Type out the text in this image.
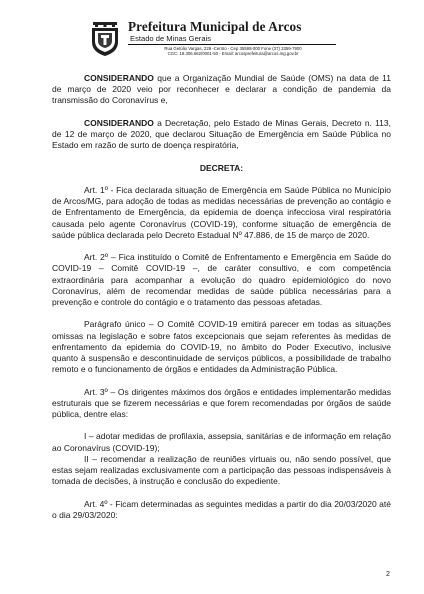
Prefeitura Municipal de Arcos
Estado de Minas Gerais
Rua Getúlio Vargas, 228 -Centro - Cep 35588-000 Fone (37) 3359-7900
CGC: 18.306.662/0001-50 - Email: arcosprefeitura@arcos.mg.gov.br

CONSIDERANDO que a Organização Mundial de Saúde (OMS) na data de 11 de março de 2020 veio por reconhecer e declarar a condição de pandemia da transmissão do Coronavírus e,

CONSIDERANDO a Decretação, pelo Estado de Minas Gerais, Decreto n. 113, de 12 de março de 2020, que declarou Situação de Emergência em Saúde Pública no Estado em razão de surto de doença respiratória,

DECRETA:

Art. 1º - Fica declarada situação de Emergência em Saúde Pública no Município de Arcos/MG, para adoção de todas as medidas necessárias de prevenção ao contágio e de Enfrentamento de Emergência, da epidemia de doença infecciosa viral respiratória causada pelo agente Coronavírus (COVID-19), conforme situação de emergência de saúde pública declarada pelo Decreto Estadual Nº 47.886, de 15 de março de 2020.

Art. 2º – Fica instituído o Comitê de Enfrentamento e Emergência em Saúde do COVID-19 – Comitê COVID-19 –, de caráter consultivo, e com competência extraordinária para acompanhar a evolução do quadro epidemiológico do novo Coronavírus, além de recomendar medidas de saúde pública necessárias para a prevenção e controle do contágio e o tratamento das pessoas afetadas.

Parágrafo único – O Comitê COVID-19 emitirá parecer em todas as situações omissas na legislação e sobre fatos excepcionais que sejam referentes às medidas de enfrentamento da epidemia do COVID-19, no âmbito do Poder Executivo, inclusive quanto à suspensão e descontinuidade de serviços públicos, a possibilidade de trabalho remoto e o funcionamento de órgãos e entidades da Administração Pública.

Art. 3º – Os dirigentes máximos dos órgãos e entidades implementarão medidas estruturais que se fizerem necessárias e que forem recomendadas por órgãos de saúde pública, dentre elas:

I – adotar medidas de profilaxia, assepsia, sanitárias e de informação em relação ao Coronavírus (COVID-19);

II – recomendar a realização de reuniões virtuais ou, não sendo possível, que estas sejam realizadas exclusivamente com a participação das pessoas indispensáveis à tomada de decisões, à instrução e conclusão do expediente.

Art. 4º - Ficam determinadas as seguintes medidas a partir do dia 20/03/2020 até o dia 29/03/2020:

2
